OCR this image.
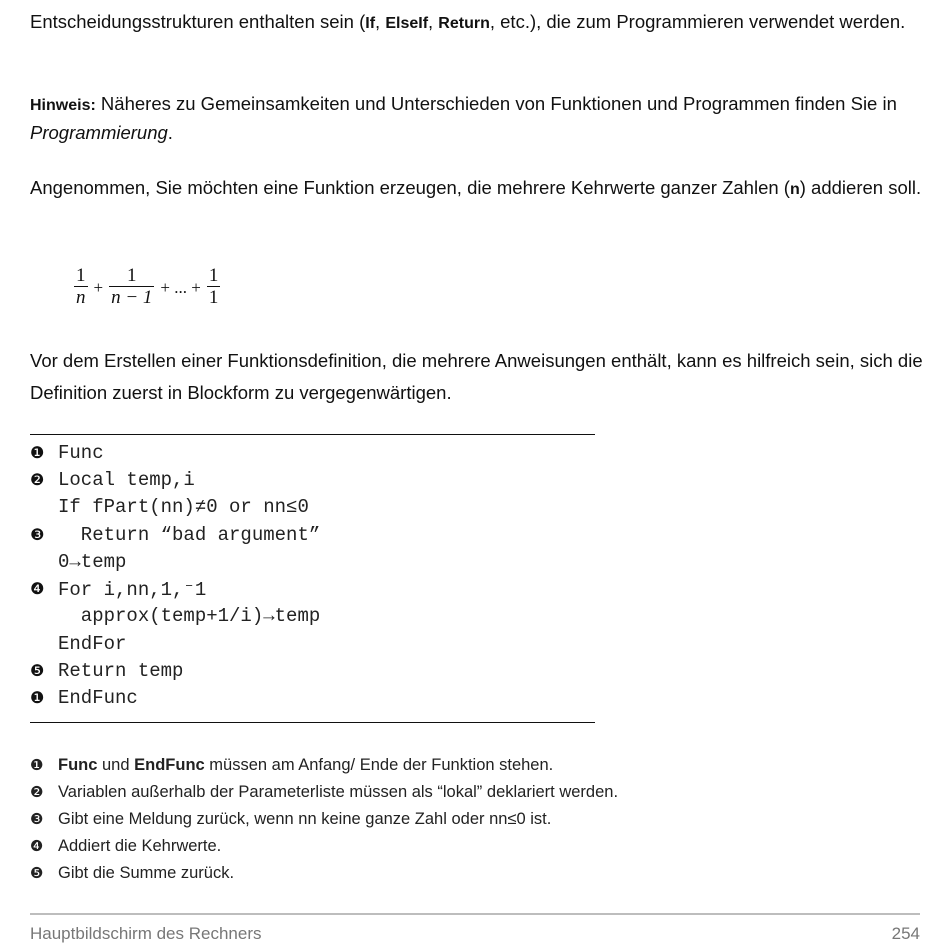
Entscheidungsstrukturen enthalten sein (If, ElseIf, Return, etc.), die zum Programmieren verwendet werden.

Hinweis: Näheres zu Gemeinsamkeiten und Unterschieden von Funktionen und Programmen finden Sie in Programmierung.

Angenommen, Sie möchten eine Funktion erzeugen, die mehrere Kehrwerte ganzer Zahlen (n) addieren soll.

$\frac{1}{n} + \frac{1}{n - 1}$ + ... + $\frac{1}{1}$

Vor dem Erstellen einer Funktionsdefinition, die mehrere Anweisungen enthält, kann es hilfreich sein, sich die Definition zuerst in Blockform zu vergegenwärtigen.

❶ Func
❷ Local temp,i
If fPart(nn)≠0 or nn≤0
❸ Return “bad argument”
0→temp
❹ For i,nn,1,⁻1
approx(temp+1/i)→temp
EndFor
❺ Return temp
❶ EndFunc
❶ Func und EndFunc müssen am Anfang/ Ende der Funktion stehen.
❷ Variablen außerhalb der Parameterliste müssen als “lokal” deklariert werden.
❸ Gibt eine Meldung zurück, wenn nn keine ganze Zahl oder nn≤0 ist.
❹ Addiert die Kehrwerte.
❺ Gibt die Summe zurück.
Hauptbildschirm des Rechners	254
